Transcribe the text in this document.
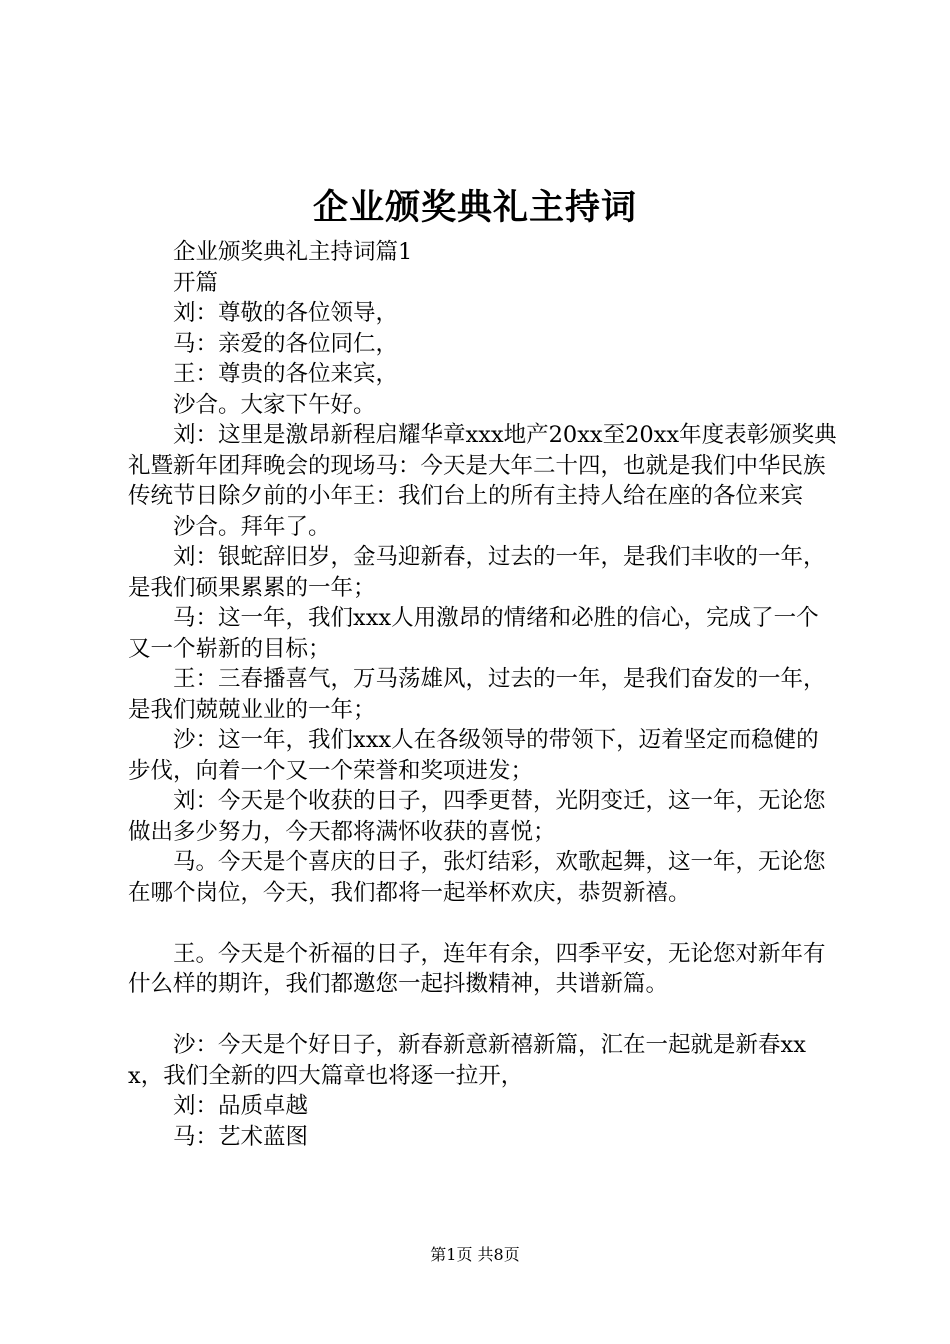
企业颁奖典礼主持词

企业颁奖典礼主持词篇1

开篇

刘：尊敬的各位领导，

马：亲爱的各位同仁，

王：尊贵的各位来宾，

沙合。大家下午好。

刘：这里是激昂新程启耀华章xxx地产20xx至20xx年度表彰颁奖典礼暨新年团拜晚会的现场马：今天是大年二十四，也就是我们中华民族传统节日除夕前的小年王：我们台上的所有主持人给在座的各位来宾

沙合。拜年了。

刘：银蛇辞旧岁，金马迎新春，过去的一年，是我们丰收的一年，是我们硕果累累的一年；

马：这一年，我们xxx人用激昂的情绪和必胜的信心，完成了一个又一个崭新的目标；

王：三春播喜气，万马荡雄风，过去的一年，是我们奋发的一年，是我们兢兢业业的一年；

沙：这一年，我们xxx人在各级领导的带领下，迈着坚定而稳健的步伐，向着一个又一个荣誉和奖项进发；

刘：今天是个收获的日子，四季更替，光阴变迁，这一年，无论您做出多少努力，今天都将满怀收获的喜悦；

马。今天是个喜庆的日子，张灯结彩，欢歌起舞，这一年，无论您在哪个岗位，今天，我们都将一起举杯欢庆，恭贺新禧。

王。今天是个祈福的日子，连年有余，四季平安，无论您对新年有什么样的期许，我们都邀您一起抖擞精神，共谱新篇。

沙：今天是个好日子，新春新意新禧新篇，汇在一起就是新春xxx，我们全新的四大篇章也将逐一拉开，

刘：品质卓越

马：艺术蓝图

第1页 共8页
